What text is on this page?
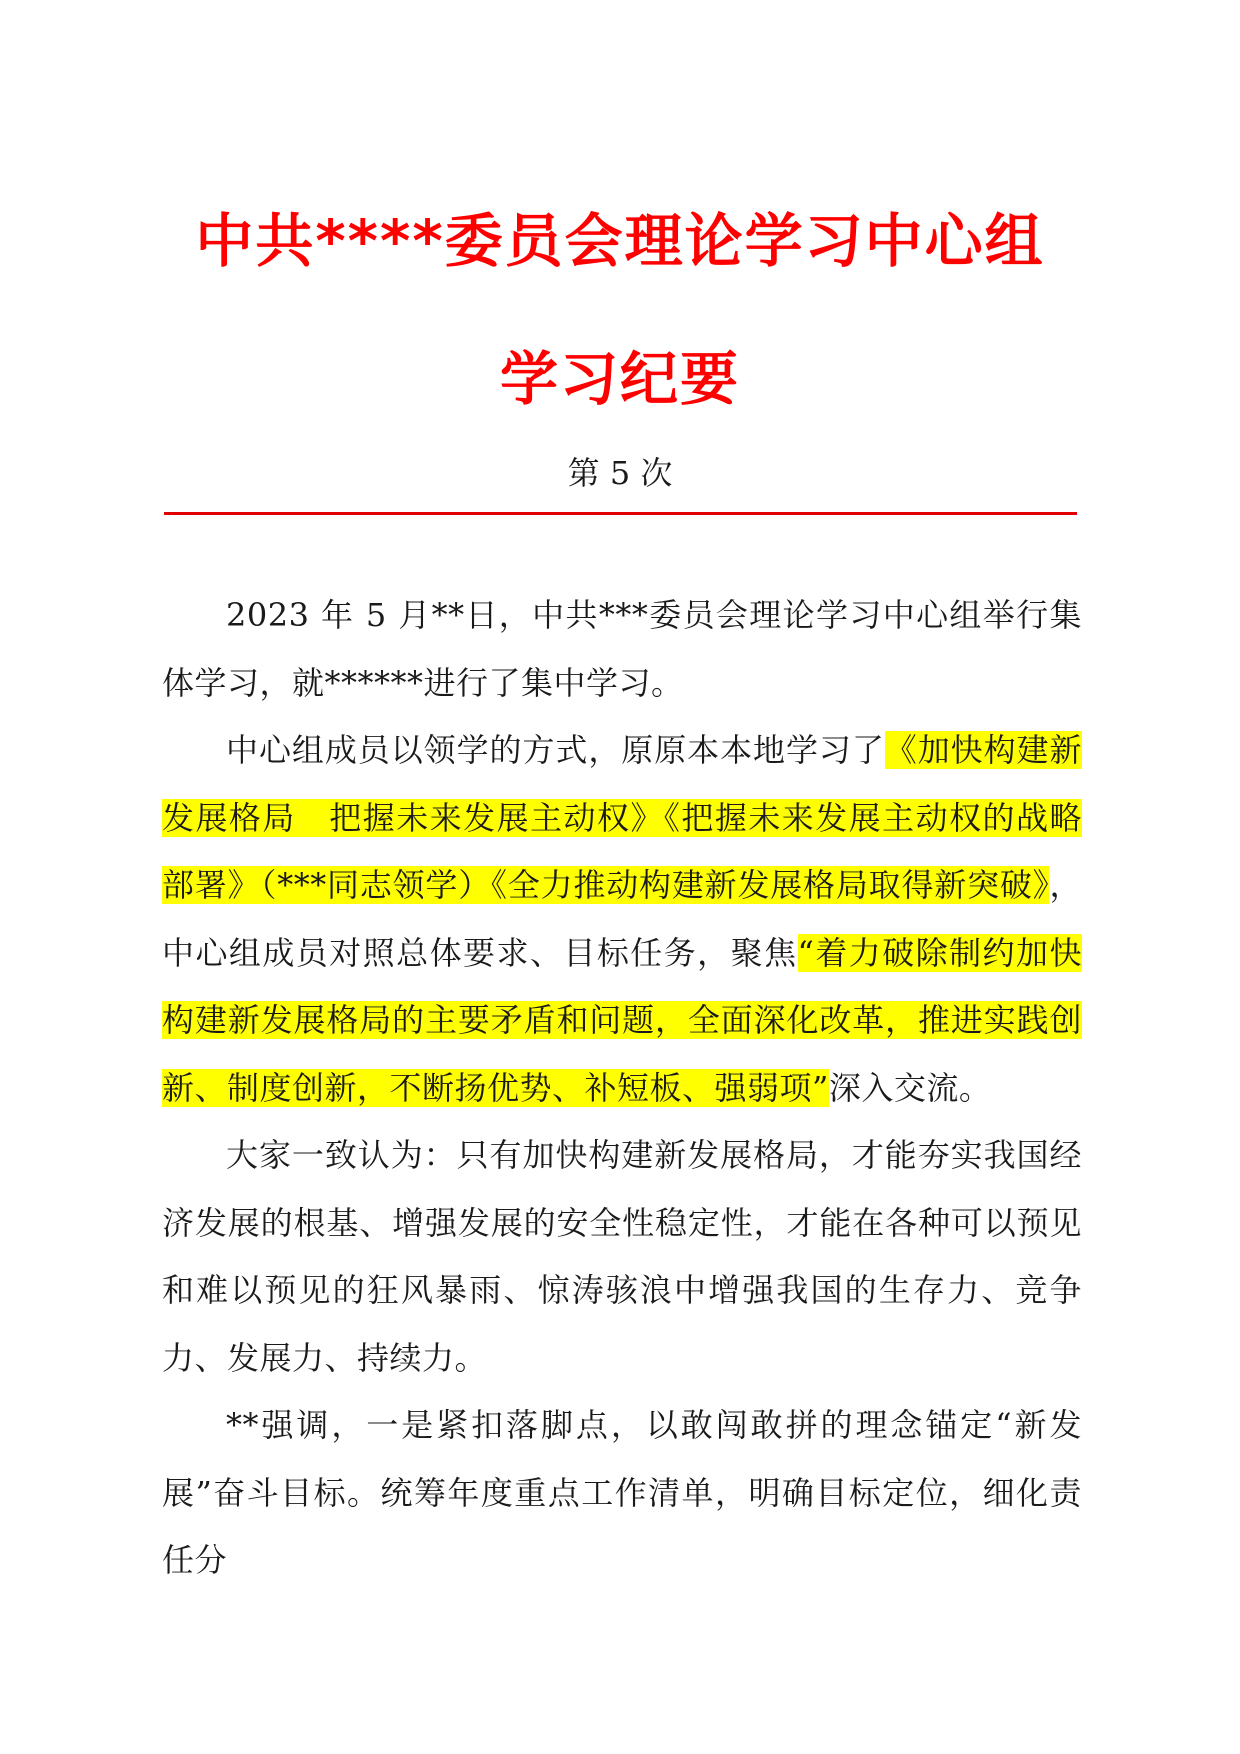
中共****委员会理论学习中心组
学习纪要
第 5 次

2023 年 5 月**日，中共***委员会理论学习中心组举行集体学习，就******进行了集中学习。

中心组成员以领学的方式，原原本本地学习了《加快构建新发展格局　把握未来发展主动权》《把握未来发展主动权的战略部署》（***同志领学）《全力推动构建新发展格局取得新突破》，中心组成员对照总体要求、目标任务，聚焦“着力破除制约加快构建新发展格局的主要矛盾和问题，全面深化改革，推进实践创新、制度创新，不断扬优势、补短板、强弱项”深入交流。

大家一致认为：只有加快构建新发展格局，才能夯实我国经济发展的根基、增强发展的安全性稳定性，才能在各种可以预见和难以预见的狂风暴雨、惊涛骇浪中增强我国的生存力、竞争力、发展力、持续力。

**强调，一是紧扣落脚点，以敢闯敢拼的理念锚定“新发展”奋斗目标。统筹年度重点工作清单，明确目标定位，细化责任分
